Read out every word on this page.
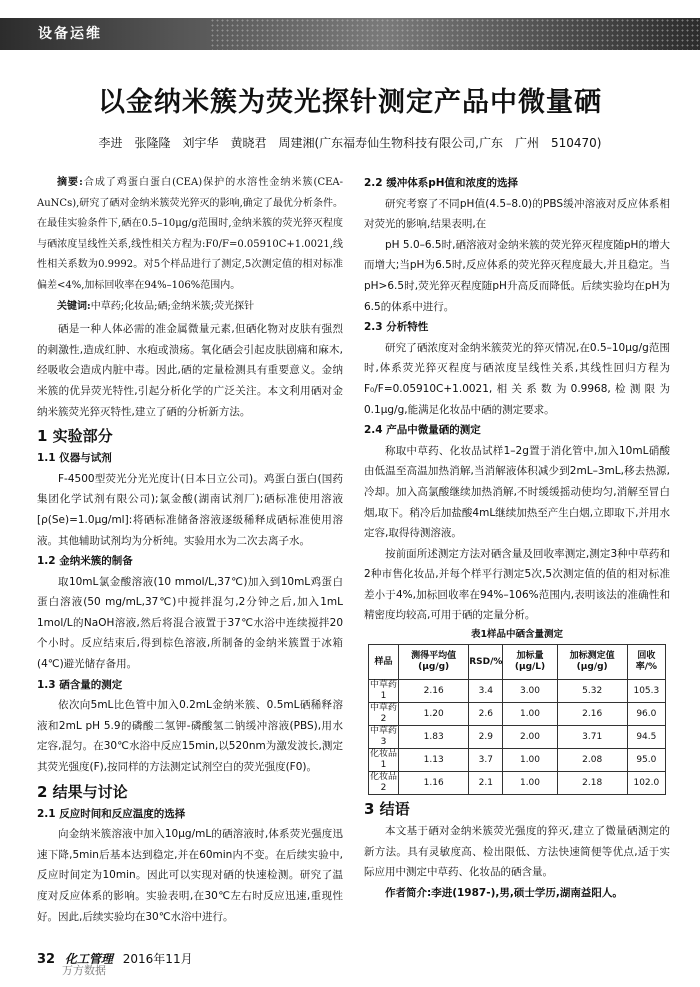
设备运维
以金纳米簇为荧光探针测定产品中微量硒
李进　张隆隆　刘宇华　黄晓君　周建湘(广东福寿仙生物科技有限公司,广东　广州　510470)

摘要:合成了鸡蛋白蛋白(CEA)保护的水溶性金纳米簇(CEA-AuNCs),研究了硒对金纳米簇荧光猝灭的影响,确定了最优分析条件。在最佳实验条件下,硒在0.5–10μg/g范围时,金纳米簇的荧光猝灭程度与硒浓度呈线性关系,线性相关方程为:F0/F=0.05910C+1.0021,线性相关系数为0.9992。对5个样品进行了测定,5次测定值的相对标准偏差<4%,加标回收率在94%–106%范围内。

关键词:中草药;化妆品;硒;金纳米簇;荧光探针

硒是一种人体必需的准金属微量元素,但硒化物对皮肤有强烈的刺激性,造成红肿、水疱或溃疡。氧化硒会引起皮肤剧痛和麻木,经吸收会造成内脏中毒。因此,硒的定量检测具有重要意义。金纳米簇的优异荧光特性,引起分析化学的广泛关注。本文利用硒对金纳米簇荧光猝灭特性,建立了硒的分析新方法。

1 实验部分
1.1 仪器与试剂

F-4500型荧光分光光度计(日本日立公司)。鸡蛋白蛋白(国药集团化学试剂有限公司);氯金酸(湖南试剂厂);硒标准使用溶液[ρ(Se)=1.0μg/ml]:将硒标准储备溶液逐级稀释成硒标准使用溶液。其他辅助试剂均为分析纯。实验用水为二次去离子水。

1.2 金纳米簇的制备

取10mL氯金酸溶液(10 mmol/L,37℃)加入到10mL鸡蛋白蛋白溶液(50 mg/mL,37℃)中搅拌混匀,2分钟之后,加入1mL 1mol/L的NaOH溶液,然后将混合液置于37℃水浴中连续搅拌20个小时。反应结束后,得到棕色溶液,所制备的金纳米簇置于冰箱(4℃)避光储存备用。

1.3 硒含量的测定

依次向5mL比色管中加入0.2mL金纳米簇、0.5mL硒稀释溶液和2mL pH 5.9的磷酸二氢钾-磷酸氢二钠缓冲溶液(PBS),用水定容,混匀。在30℃水浴中反应15min,以520nm为激发波长,测定其荧光强度(F),按同样的方法测定试剂空白的荧光强度(F0)。

2 结果与讨论
2.1 反应时间和反应温度的选择

向金纳米簇溶液中加入10μg/mL的硒溶液时,体系荧光强度迅速下降,5min后基本达到稳定,并在60min内不变。在后续实验中,反应时间定为10min。因此可以实现对硒的快速检测。研究了温度对反应体系的影响。实验表明,在30℃左右时反应迅速,重现性好。因此,后续实验均在30℃水浴中进行。

2.2 缓冲体系pH值和浓度的选择

研究考察了不同pH值(4.5–8.0)的PBS缓冲溶液对反应体系相对荧光的影响,结果表明,在

pH 5.0–6.5时,硒溶液对金纳米簇的荧光猝灭程度随pH的增大而增大;当pH为6.5时,反应体系的荧光猝灭程度最大,并且稳定。当pH>6.5时,荧光猝灭程度随pH升高反而降低。后续实验均在pH为6.5的体系中进行。

2.3 分析特性

研究了硒浓度对金纳米簇荧光的猝灭情况,在0.5–10μg/g范围时,体系荧光猝灭程度与硒浓度呈线性关系,其线性回归方程为F₀/F=0.05910C+1.0021,相关系数为0.9968,检测限为0.1μg/g,能满足化妆品中硒的测定要求。

2.4 产品中微量硒的测定

称取中草药、化妆品试样1–2g置于消化管中,加入10mL硝酸由低温至高温加热消解,当消解液体积减少到2mL–3mL,移去热源,冷却。加入高氯酸继续加热消解,不时缓缓摇动使均匀,消解至冒白烟,取下。稍冷后加盐酸4mL继续加热至产生白烟,立即取下,并用水定容,取得待测溶液。

按前面所述测定方法对硒含量及回收率测定,测定3种中草药和2种市售化妆品,并每个样平行测定5次,5次测定值的值的相对标准差小于4%,加标回收率在94%–106%范围内,表明该法的准确性和精密度均较高,可用于硒的定量分析。

表1样品中硒含量测定
样品	测得平均值(μg/g)	RSD/%	加标量(μg/L)	加标测定值(μg/g)	回收率/%
中草药1	2.16	3.4	3.00	5.32	105.3
中草药2	1.20	2.6	1.00	2.16	96.0
中草药3	1.83	2.9	2.00	3.71	94.5
化妆品1	1.13	3.7	1.00	2.08	95.0
化妆品2	1.16	2.1	1.00	2.18	102.0
3 结语

本文基于硒对金纳米簇荧光强度的猝灭,建立了微量硒测定的新方法。具有灵敏度高、检出限低、方法快速简便等优点,适于实际应用中测定中草药、化妆品的硒含量。

作者简介:李进(1987-),男,硕士学历,湖南益阳人。

32 化工管理 2016年11月
万方数据
